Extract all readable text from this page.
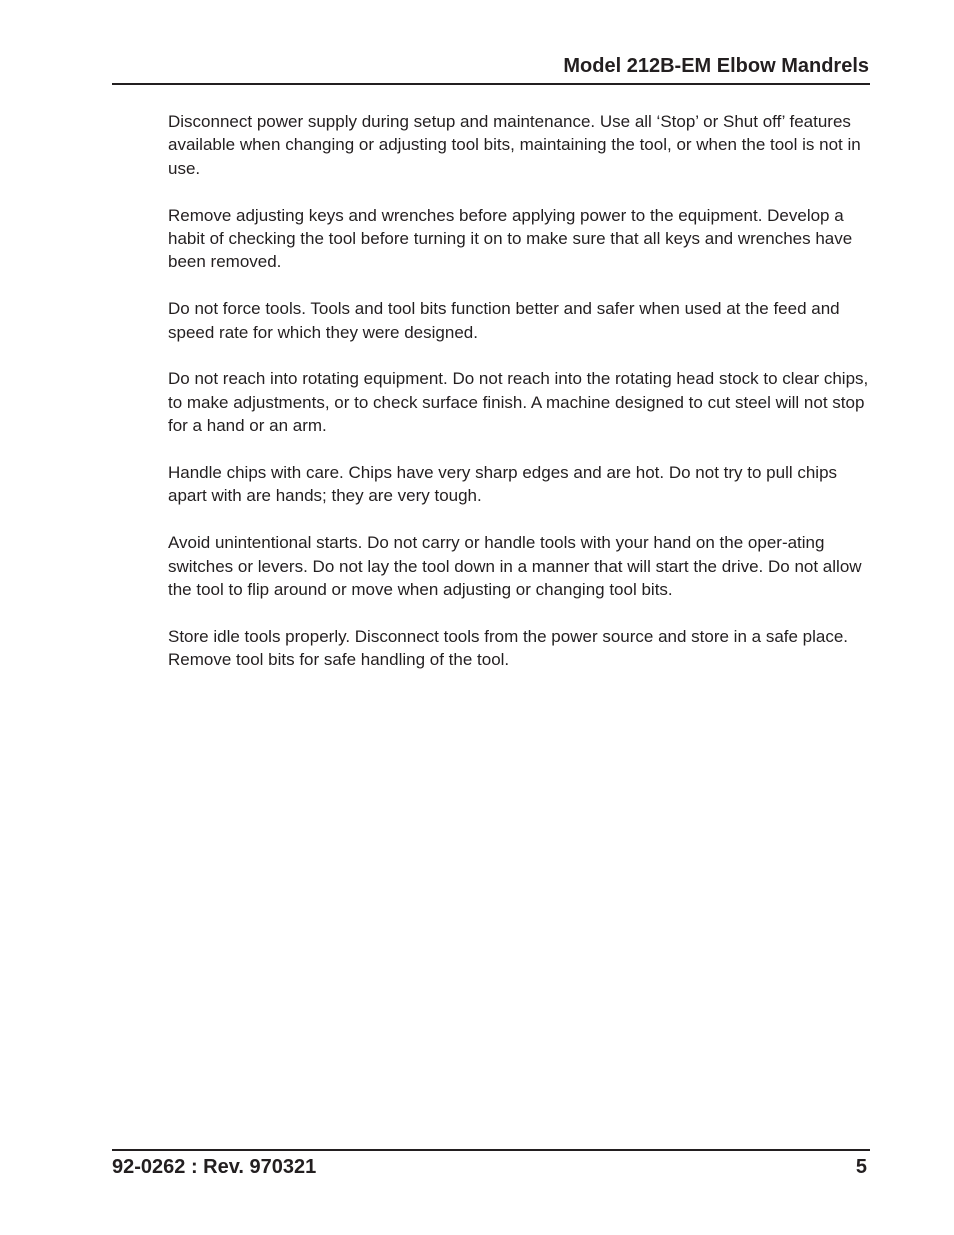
Model 212B-EM Elbow Mandrels

Disconnect power supply during setup and maintenance. Use all ‘Stop’ or Shut off’ features available when changing or adjusting tool bits, maintaining the tool, or when the tool is not in use.

Remove adjusting keys and wrenches before applying power to the equipment. Develop a habit of checking the tool before turning it on to make sure that all keys and wrenches have been removed.

Do not force tools. Tools and tool bits function better and safer when used at the feed and speed rate for which they were designed.

Do not reach into rotating equipment. Do not reach into the rotating head stock to clear chips, to make adjustments, or to check surface finish. A machine designed to cut steel will not stop for a hand or an arm.

Handle chips with care. Chips have very sharp edges and are hot. Do not try to pull chips apart with are hands; they are very tough.

Avoid unintentional starts. Do not carry or handle tools with your hand on the oper-ating switches or levers. Do not lay the tool down in a manner that will start the drive. Do not allow the tool to flip around or move when adjusting or changing tool bits.

Store idle tools properly. Disconnect tools from the power source and store in a safe place. Remove tool bits for safe handling of the tool.

92-0262 : Rev. 970321	5
